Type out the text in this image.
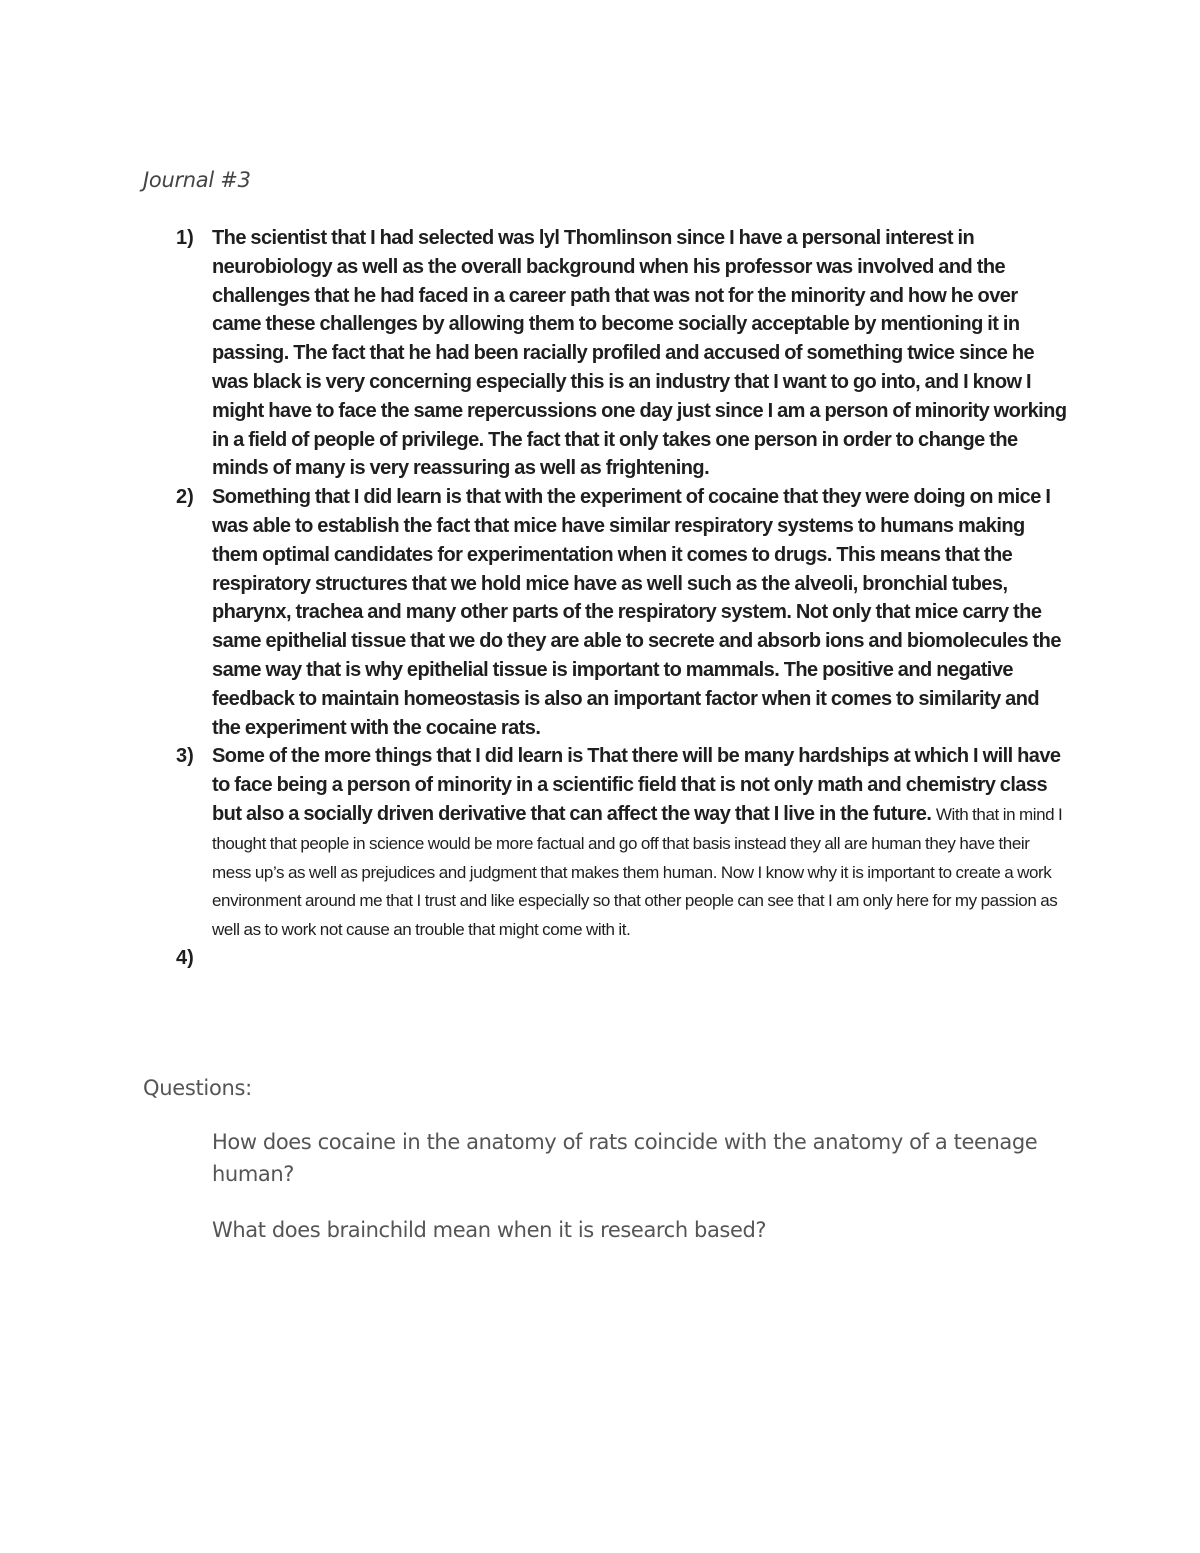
Journal #3
1) The scientist that I had selected was lyl Thomlinson since I have a personal interest in neurobiology as well as the overall background when his professor was involved and the challenges that he had faced in a career path that was not for the minority and how he over came these challenges by allowing them to become socially acceptable by mentioning it in passing. The fact that he had been racially profiled and accused of something twice since he was black is very concerning especially this is an industry that I want to go into, and I know I might have to face the same repercussions one day just since I am a person of minority working in a field of people of privilege. The fact that it only takes one person in order to change the minds of many is very reassuring as well as frightening.
2) Something that I did learn is that with the experiment of cocaine that they were doing on mice I was able to establish the fact that mice have similar respiratory systems to humans making them optimal candidates for experimentation when it comes to drugs. This means that the respiratory structures that we hold mice have as well such as the alveoli, bronchial tubes, pharynx, trachea and many other parts of the respiratory system. Not only that mice carry the same epithelial tissue that we do they are able to secrete and absorb ions and biomolecules the same way that is why epithelial tissue is important to mammals. The positive and negative feedback to maintain homeostasis is also an important factor when it comes to similarity and the experiment with the cocaine rats.
3) Some of the more things that I did learn is That there will be many hardships at which I will have to face being a person of minority in a scientific field that is not only math and chemistry class but also a socially driven derivative that can affect the way that I live in the future. With that in mind I thought that people in science would be more factual and go off that basis instead they all are human they have their mess up’s as well as prejudices and judgment that makes them human. Now I know why it is important to create a work environment around me that I trust and like especially so that other people can see that I am only here for my passion as well as to work not cause an trouble that might come with it.
4)
Questions:
How does cocaine in the anatomy of rats coincide with the anatomy of a teenage human?
What does brainchild mean when it is research based?
